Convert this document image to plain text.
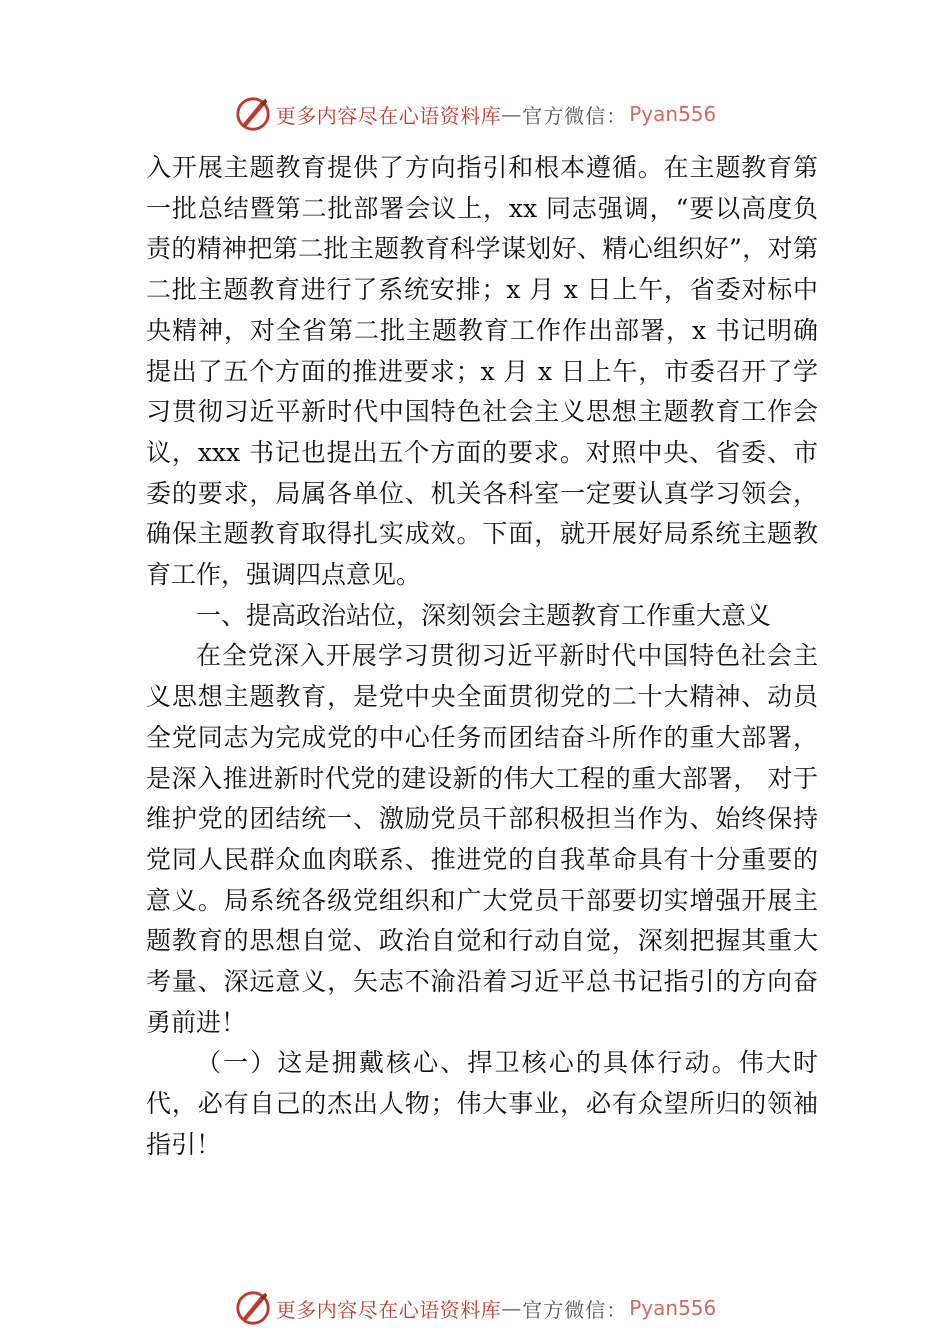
更多内容尽在心语资料库 — 官方微信： Pyan556

入开展主题教育提供了方向指引和根本遵循。在主题教育第一批总结暨第二批部署会议上，xx 同志强调，“要以高度负责的精神把第二批主题教育科学谋划好、精心组织好”，对第二批主题教育进行了系统安排；x 月 x 日上午，省委对标中央精神，对全省第二批主题教育工作作出部署，x 书记明确提出了五个方面的推进要求；x 月 x 日上午，市委召开了学习贯彻习近平新时代中国特色社会主义思想主题教育工作会议，xxx 书记也提出五个方面的要求。对照中央、省委、市委的要求，局属各单位、机关各科室一定要认真学习领会， 确保主题教育取得扎实成效。下面，就开展好局系统主题教育工作，强调四点意见。

一、提高政治站位，深刻领会主题教育工作重大意义

在全党深入开展学习贯彻习近平新时代中国特色社会主义思想主题教育，是党中央全面贯彻党的二十大精神、动员全党同志为完成党的中心任务而团结奋斗所作的重大部署，是深入推进新时代党的建设新的伟大工程的重大部署， 对于维护党的团结统一、激励党员干部积极担当作为、始终保持党同人民群众血肉联系、推进党的自我革命具有十分重要的意义。局系统各级党组织和广大党员干部要切实增强开展主题教育的思想自觉、政治自觉和行动自觉，深刻把握其重大考量、深远意义，矢志不渝沿着习近平总书记指引的方向奋勇前进！

（一）这是拥戴核心、捍卫核心的具体行动。伟大时代，必有自己的杰出人物；伟大事业，必有众望所归的领袖指引！

更多内容尽在心语资料库 — 官方微信： Pyan556
